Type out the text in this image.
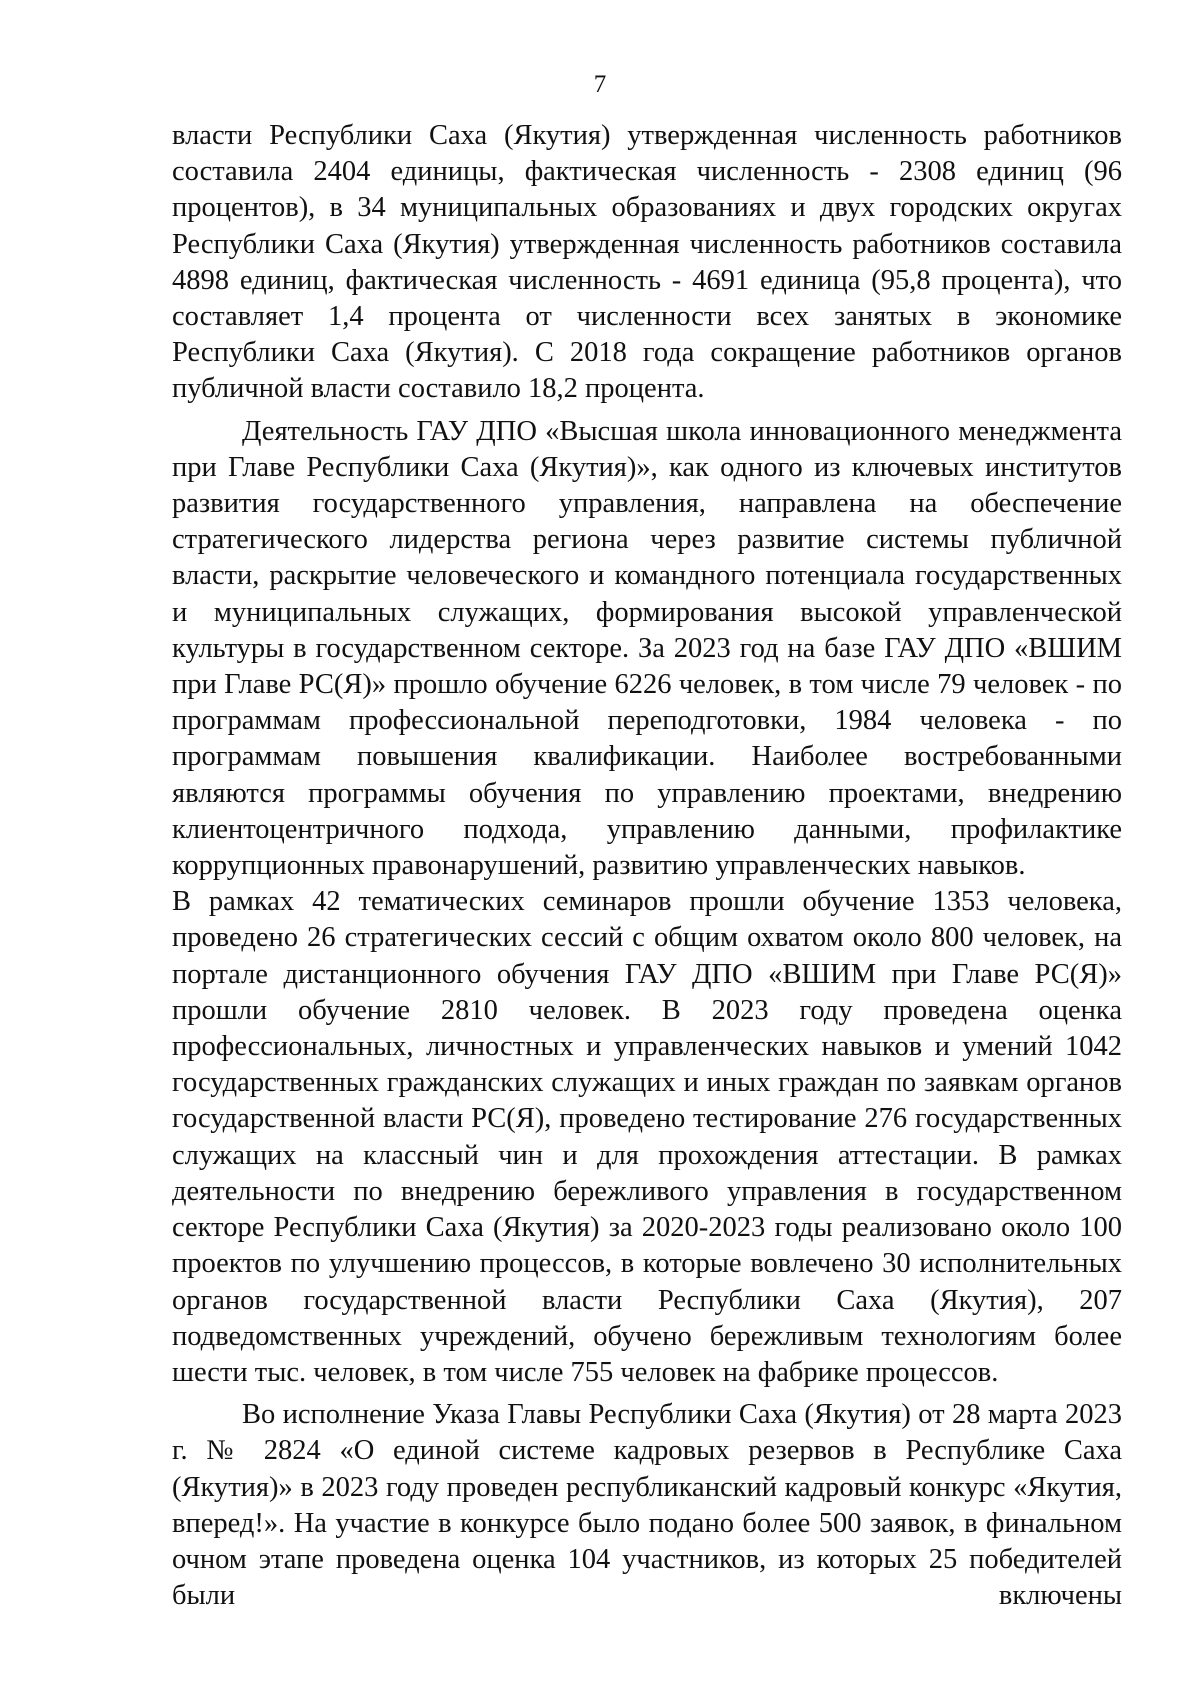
7

власти Республики Саха (Якутия) утвержденная численность работников составила 2404 единицы, фактическая численность - 2308 единиц (96 процентов), в 34 муниципальных образованиях и двух городских округах Республики Саха (Якутия) утвержденная численность работников составила 4898 единиц, фактическая численность - 4691 единица (95,8 процента), что составляет 1,4 процента от численности всех занятых в экономике Республики Саха (Якутия). С 2018 года сокращение работников органов публичной власти составило 18,2 процента.

Деятельность ГАУ ДПО «Высшая школа инновационного менеджмента при Главе Республики Саха (Якутия)», как одного из ключевых институтов развития государственного управления, направлена на обеспечение стратегического лидерства региона через развитие системы публичной власти, раскрытие человеческого и командного потенциала государственных и муниципальных служащих, формирования высокой управленческой культуры в государственном секторе. За 2023 год на базе ГАУ ДПО «ВШИМ при Главе РС(Я)» прошло обучение 6226 человек, в том числе 79 человек - по программам профессиональной переподготовки, 1984 человека - по программам повышения квалификации. Наиболее востребованными являются программы обучения по управлению проектами, внедрению клиентоцентричного подхода, управлению данными, профилактике коррупционных правонарушений, развитию управленческих навыков.

В рамках 42 тематических семинаров прошли обучение 1353 человека, проведено 26 стратегических сессий с общим охватом около 800 человек, на портале дистанционного обучения ГАУ ДПО «ВШИМ при Главе РС(Я)» прошли обучение 2810 человек. В 2023 году проведена оценка профессиональных, личностных и управленческих навыков и умений 1042 государственных гражданских служащих и иных граждан по заявкам органов государственной власти РС(Я), проведено тестирование 276 государственных служащих на классный чин и для прохождения аттестации. В рамках деятельности по внедрению бережливого управления в государственном секторе Республики Саха (Якутия) за 2020-2023 годы реализовано около 100 проектов по улучшению процессов, в которые вовлечено 30 исполнительных органов государственной власти Республики Саха (Якутия), 207 подведомственных учреждений, обучено бережливым технологиям более шести тыс. человек, в том числе 755 человек на фабрике процессов.

Во исполнение Указа Главы Республики Саха (Якутия) от 28 марта 2023 г. № 2824 «О единой системе кадровых резервов в Республике Саха (Якутия)» в 2023 году проведен республиканский кадровый конкурс «Якутия, вперед!». На участие в конкурсе было подано более 500 заявок, в финальном очном этапе проведена оценка 104 участников, из которых 25 победителей были включены
